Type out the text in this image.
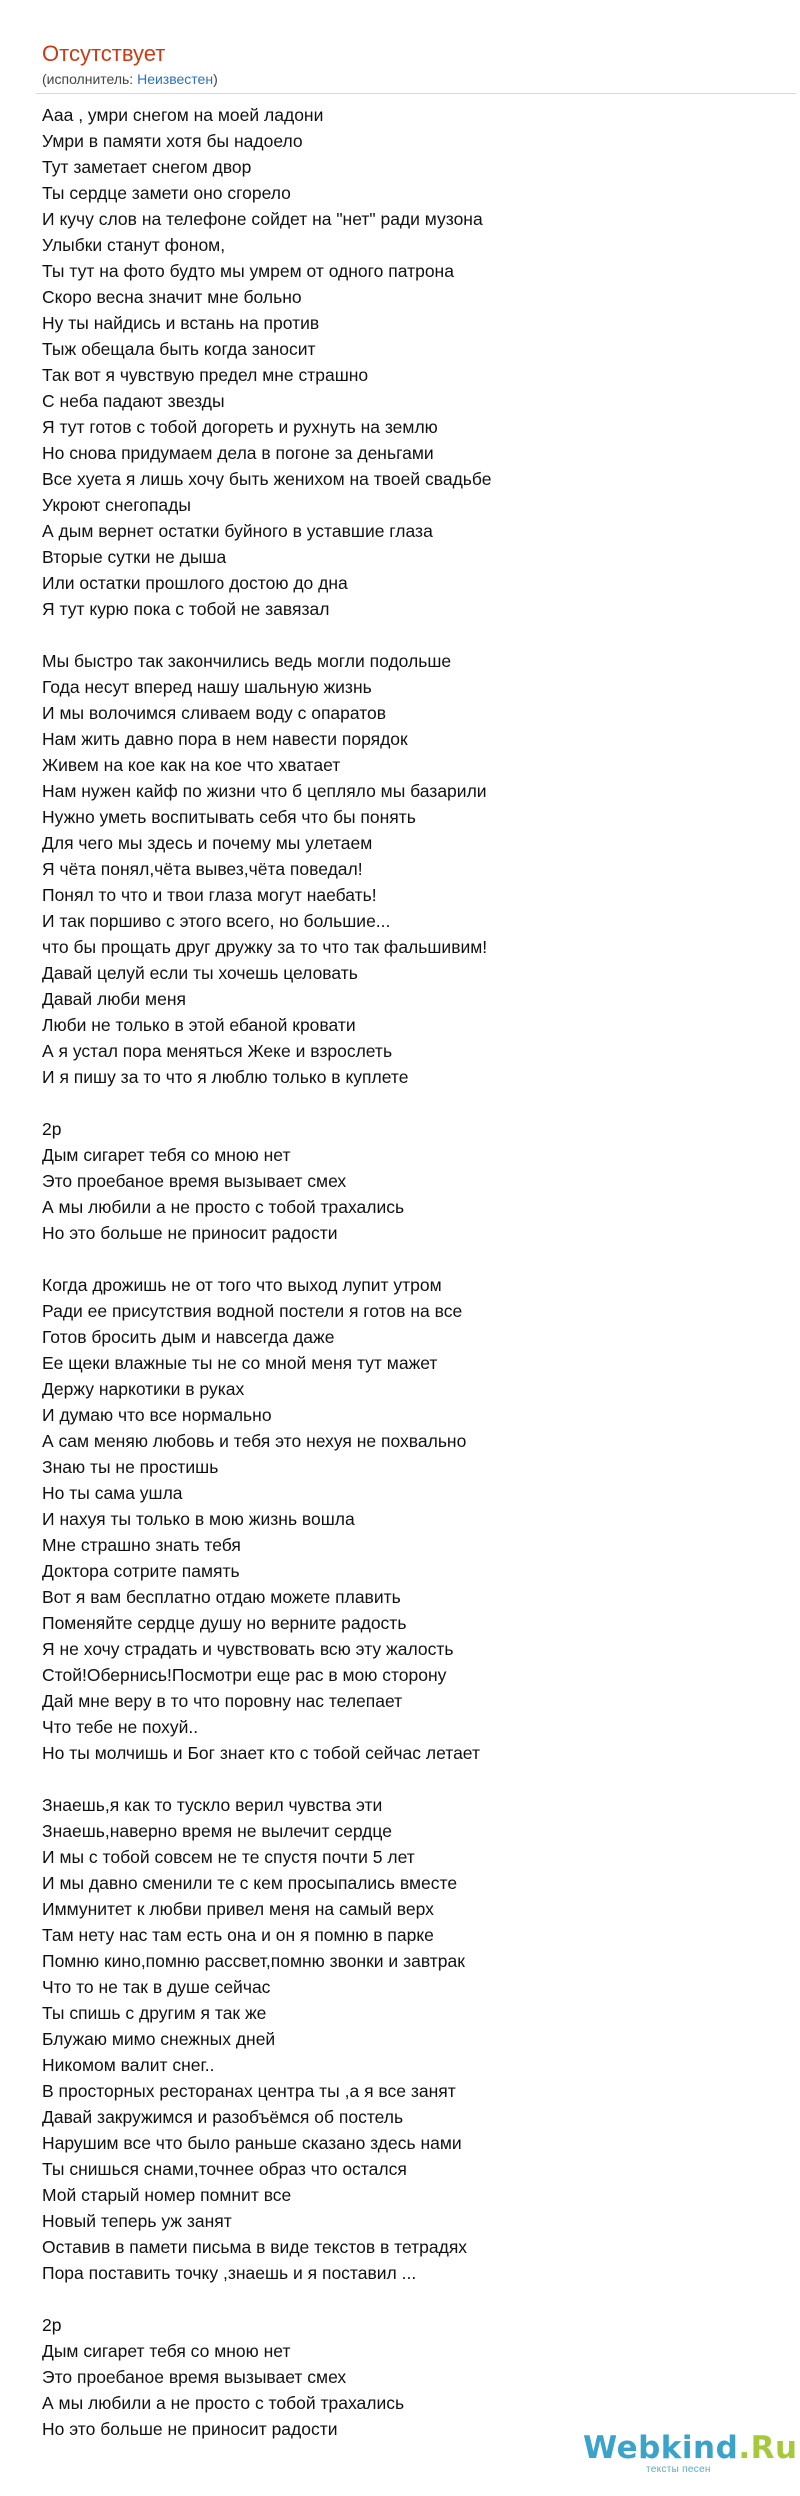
Отсутствует
(исполнитель: Неизвестен)
Ааа , умри снегом на моей ладони
Умри в памяти хотя бы надоело
Тут заметает снегом двор
Ты сердце замети оно сгорело
И кучу слов на телефоне сойдет на "нет" ради музона
Улыбки станут фоном,
Ты тут на фото будто мы умрем от одного патрона
Скоро весна значит мне больно
Ну ты найдись и встань на против
Тыж обещала быть когда заносит
Так вот я чувствую предел мне страшно
С неба падают звезды
Я тут готов с тобой догореть и рухнуть на землю
Но снова придумаем дела в погоне за деньгами
Все хуета я лишь хочу быть женихом на твоей свадьбе
Укроют снегопады
А дым вернет остатки буйного в уставшие глаза
Вторые сутки не дыша
Или остатки прошлого достою до дна
Я тут курю пока с тобой не завязал
Мы быстро так закончились ведь могли подольше
Года несут вперед нашу шальную жизнь
И мы волочимся сливаем воду с опаратов
Нам жить давно пора в нем навести порядок
Живем на кое как на кое что хватает
Нам нужен кайф по жизни что б цепляло мы базарили
Нужно уметь воспитывать себя что бы понять
Для чего мы здесь и почему мы улетаем
Я чёта понял,чёта вывез,чёта поведал!
Понял то что и твои глаза могут наебать!
И так поршиво с этого всего, но большие...
что бы прощать друг дружку за то что так фальшивим!
Давай целуй если ты хочешь целовать
Давай люби меня
Люби не только в этой ебаной кровати
А я устал пора меняться Жеке и взрослеть
И я пишу за то что я люблю только в куплете
2р
Дым сигарет тебя со мною нет
Это проебаное время вызывает смех
А мы любили а не просто с тобой трахались
Но это больше не приносит радости
Когда дрожишь не от того что выход лупит утром
Ради ее присутствия водной постели я готов на все
Готов бросить дым и навсегда даже
Ее щеки влажные ты не со мной меня тут мажет
Держу наркотики в руках
И думаю что все нормально
А сам меняю любовь и тебя это нехуя не похвально
Знаю ты не простишь
Но ты сама ушла
И нахуя ты только в мою жизнь вошла
Мне страшно знать тебя
Доктора сотрите память
Вот я вам бесплатно отдаю можете плавить
Поменяйте сердце душу но верните радость
Я не хочу страдать и чувствовать всю эту жалость
Стой!Обернись!Посмотри еще рас в мою сторону
Дай мне веру в то что поровну нас телепает
Что тебе не похуй..
Но ты молчишь и Бог знает кто с тобой сейчас летает
Знаешь,я как то тускло верил чувства эти
Знаешь,наверно время не вылечит сердце
И мы с тобой совсем не те спустя почти 5 лет
И мы давно сменили те с кем просыпались вместе
Иммунитет к любви привел меня на самый верх
Там нету нас там есть она и он я помню в парке
Помню кино,помню рассвет,помню звонки и завтрак
Что то не так в душе сейчас
Ты спишь с другим я так же
Блужаю мимо снежных дней
Никомом валит снег..
В просторных ресторанах центра ты ,а я все занят
Давай закружимся и разобъёмся об постель
Нарушим все что было раньше сказано здесь нами
Ты снишься снами,точнее образ что остался
Мой старый номер помнит все
Новый теперь уж занят
Оставив в памети письма в виде текстов в тетрадях
Пора поставить точку ,знаешь и я поставил ...
2р
Дым сигарет тебя со мною нет
Это проебаное время вызывает смех
А мы любили а не просто с тобой трахались
Но это больше не приносит радости
Webkind.Ru
тексты песен
